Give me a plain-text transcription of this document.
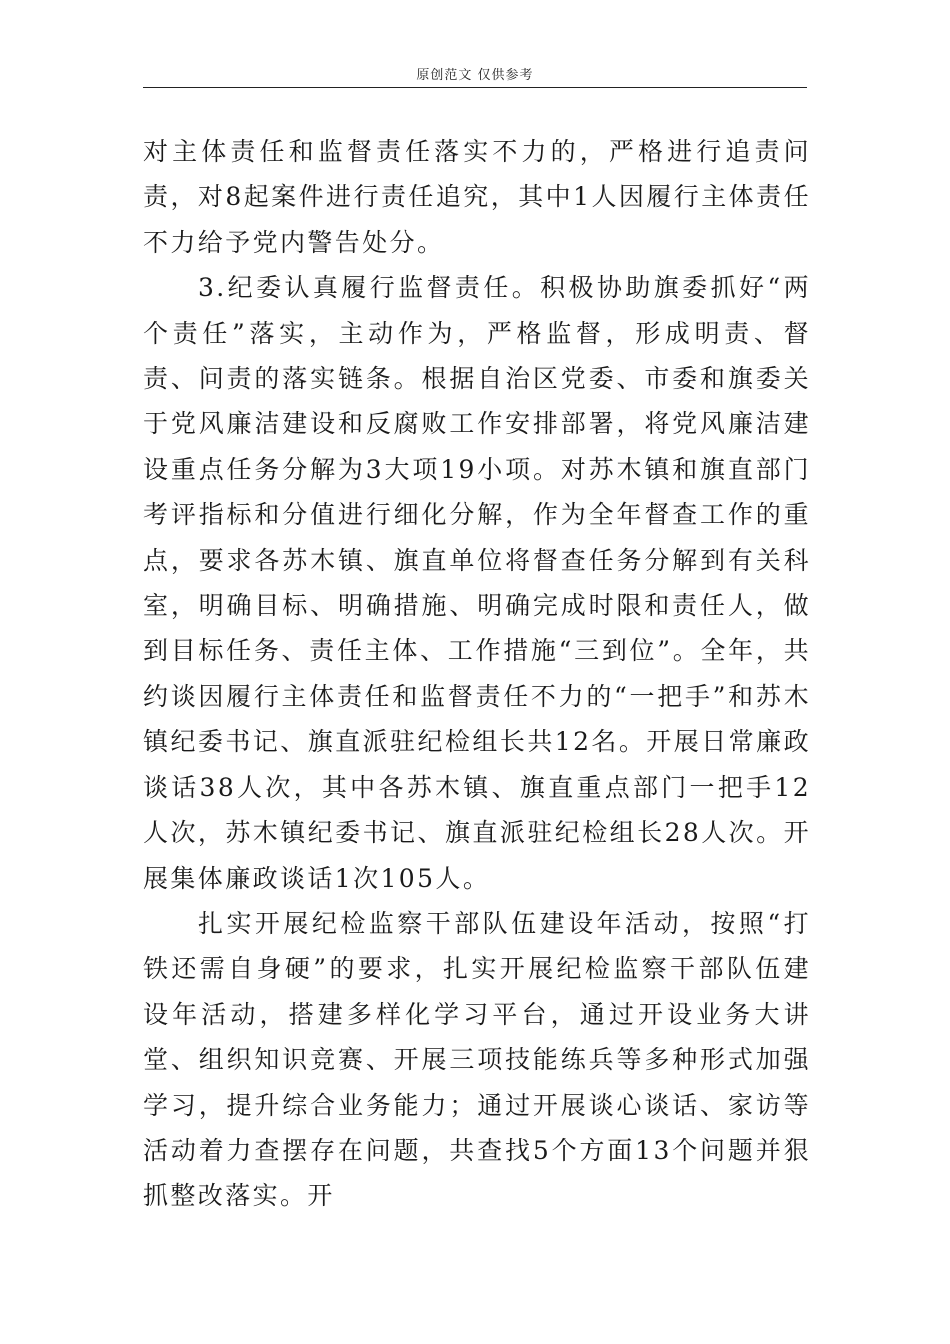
原创范文 仅供参考

对主体责任和监督责任落实不力的，严格进行追责问责，对8起案件进行责任追究，其中1人因履行主体责任不力给予党内警告处分。

3.纪委认真履行监督责任。积极协助旗委抓好“两个责任”落实，主动作为，严格监督，形成明责、督责、问责的落实链条。根据自治区党委、市委和旗委关于党风廉洁建设和反腐败工作安排部署，将党风廉洁建设重点任务分解为3大项19小项。对苏木镇和旗直部门考评指标和分值进行细化分解，作为全年督查工作的重点，要求各苏木镇、旗直单位将督查任务分解到有关科室，明确目标、明确措施、明确完成时限和责任人，做到目标任务、责任主体、工作措施“三到位”。全年，共约谈因履行主体责任和监督责任不力的“一把手”和苏木镇纪委书记、旗直派驻纪检组长共12名。开展日常廉政谈话38人次，其中各苏木镇、旗直重点部门一把手12人次，苏木镇纪委书记、旗直派驻纪检组长28人次。开展集体廉政谈话1次105人。

扎实开展纪检监察干部队伍建设年活动，按照“打铁还需自身硬”的要求，扎实开展纪检监察干部队伍建设年活动，搭建多样化学习平台，通过开设业务大讲堂、组织知识竞赛、开展三项技能练兵等多种形式加强学习，提升综合业务能力；通过开展谈心谈话、家访等活动着力查摆存在问题，共查找5个方面13个问题并狠抓整改落实。开
